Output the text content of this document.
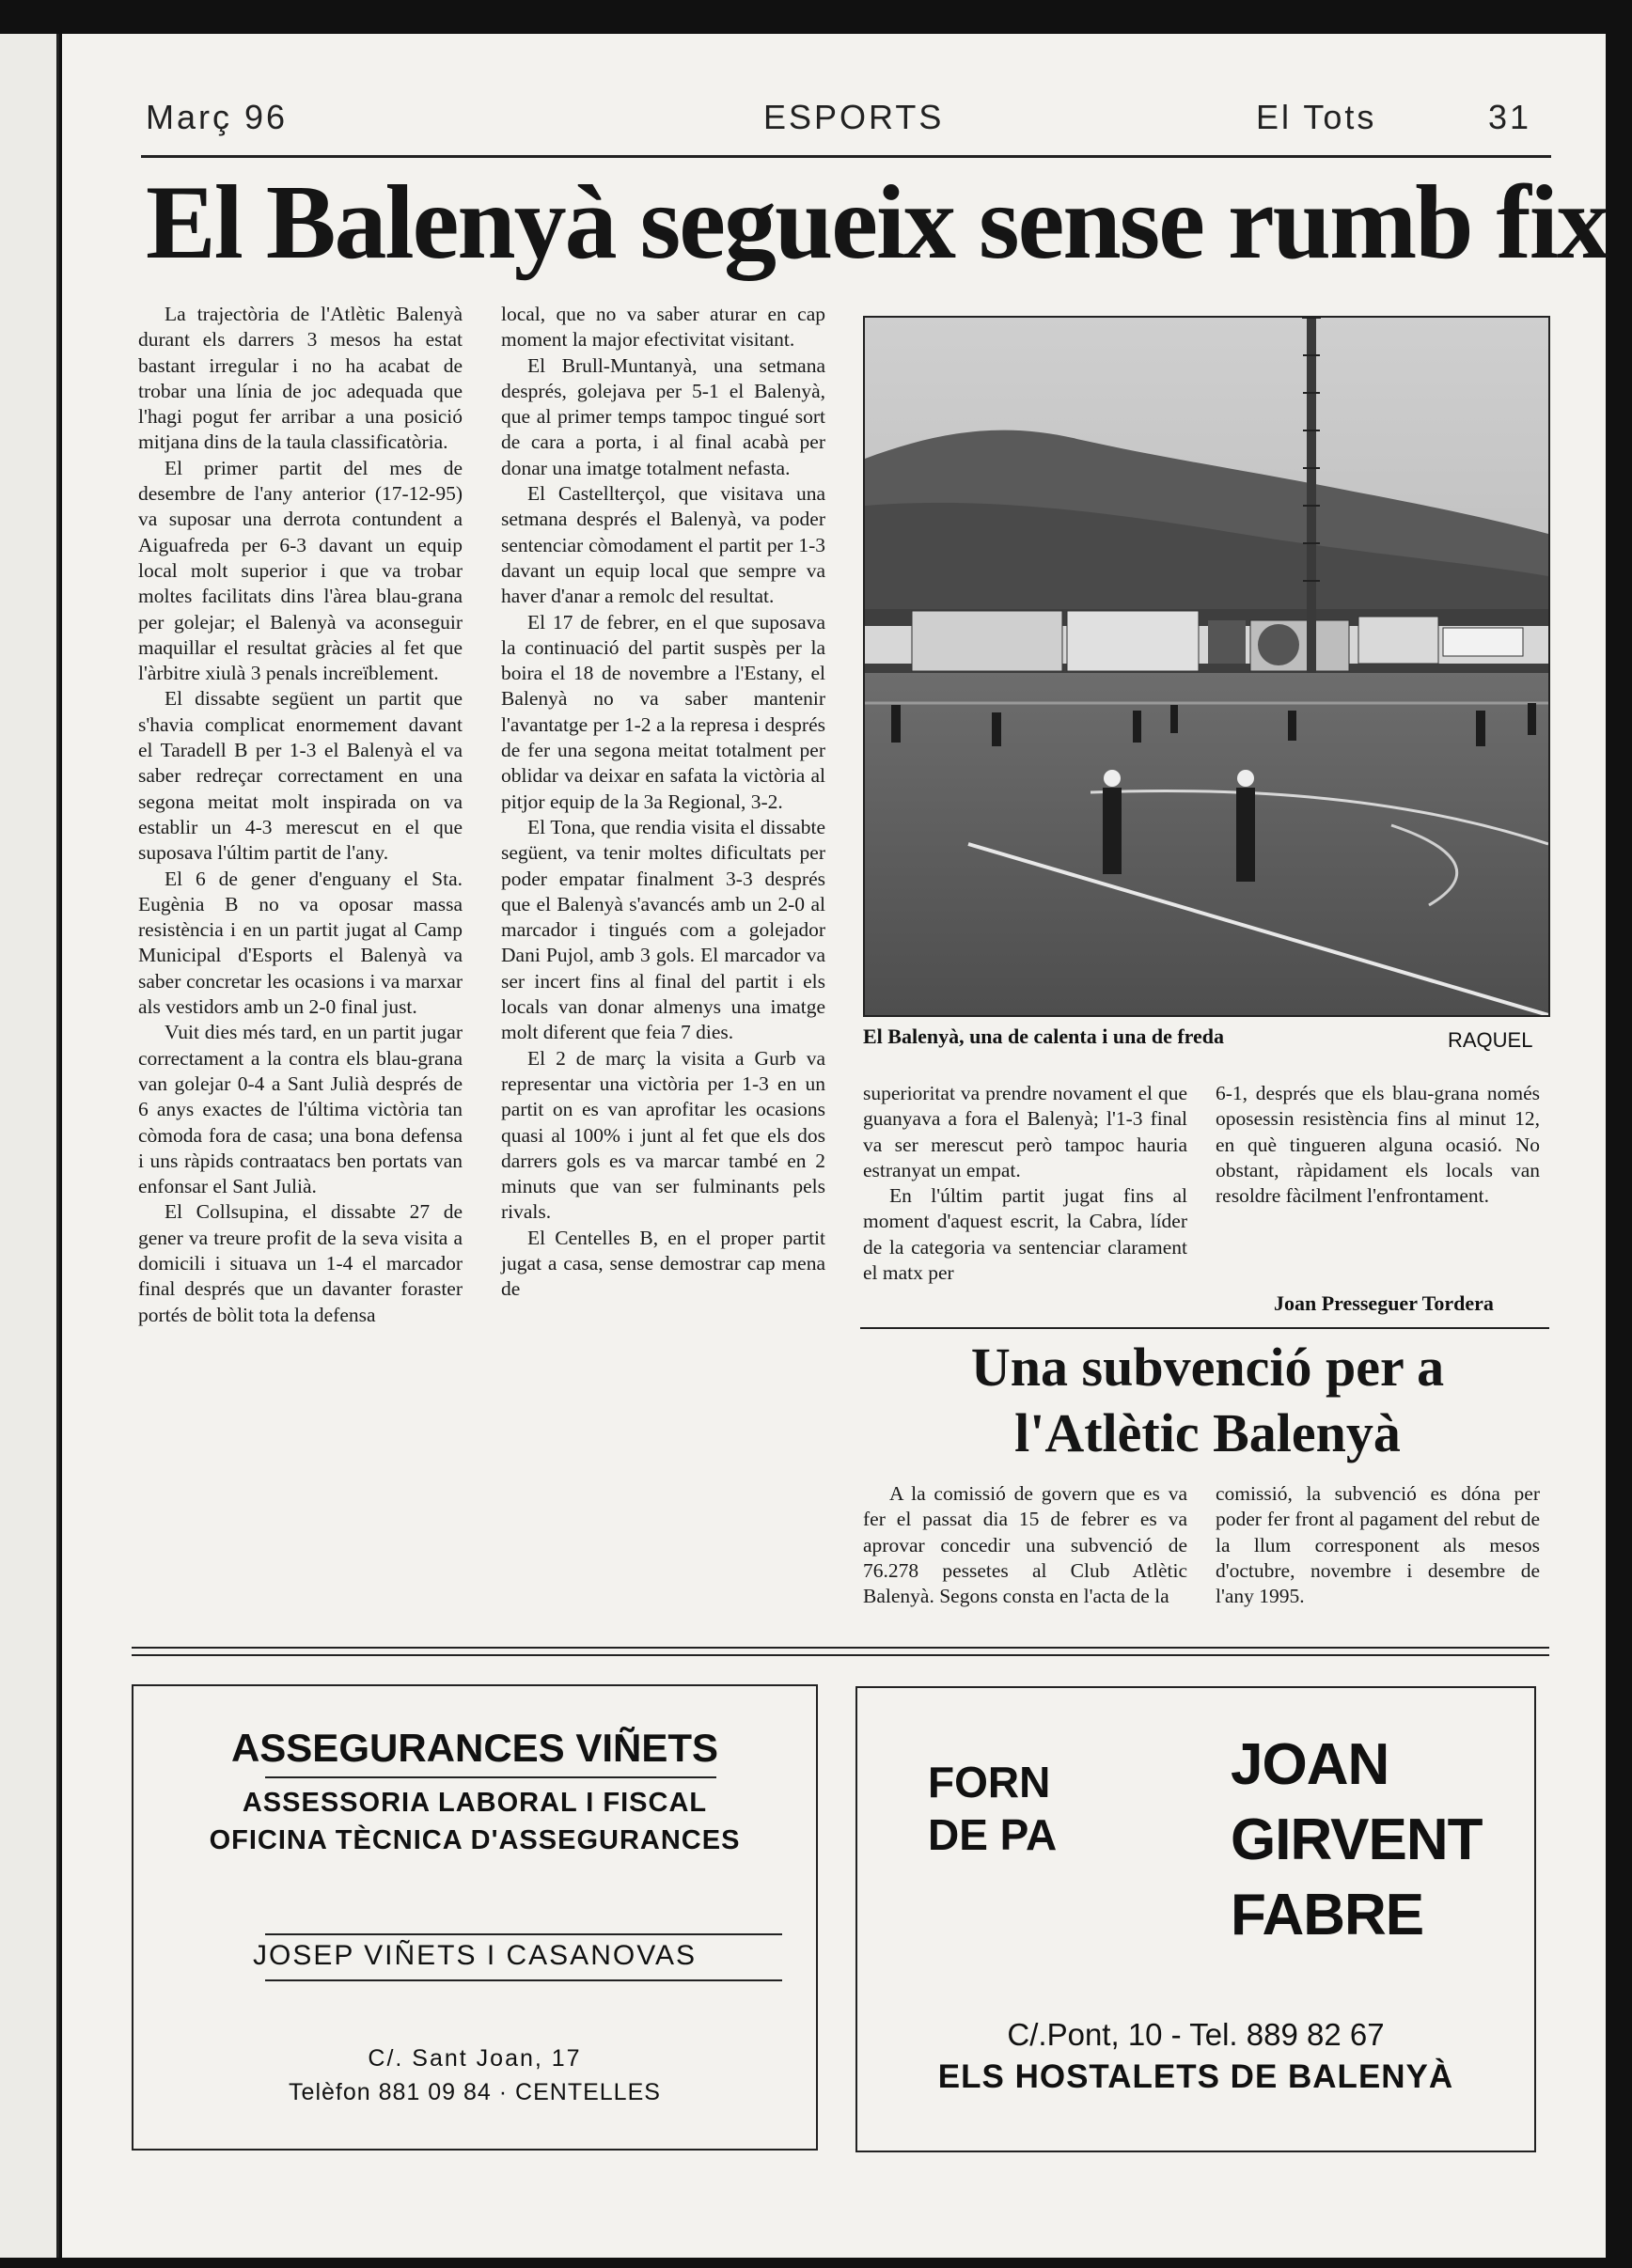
Març 96	ESPORTS	El Tots	31
El Balenyà segueix sense rumb fix

La trajectòria de l'Atlètic Balenyà durant els darrers 3 mesos ha estat bastant irregular i no ha acabat de trobar una línia de joc adequada que l'hagi pogut fer arribar a una posició mitjana dins de la taula classificatòria.

El primer partit del mes de desembre de l'any anterior (17-12-95) va suposar una derrota contundent a Aiguafreda per 6-3 davant un equip local molt superior i que va trobar moltes facilitats dins l'àrea blau-grana per golejar; el Balenyà va aconseguir maquillar el resultat gràcies al fet que l'àrbitre xiulà 3 penals increïblement.

El dissabte següent un partit que s'havia complicat enormement davant el Taradell B per 1-3 el Balenyà el va saber redreçar correctament en una segona meitat molt inspirada on va establir un 4-3 merescut en el que suposava l'últim partit de l'any.

El 6 de gener d'enguany el Sta. Eugènia B no va oposar massa resistència i en un partit jugat al Camp Municipal d'Esports el Balenyà va saber concretar les ocasions i va marxar als vestidors amb un 2-0 final just.

Vuit dies més tard, en un partit jugar correctament a la contra els blau-grana van golejar 0-4 a Sant Julià després de 6 anys exactes de l'última victòria tan còmoda fora de casa; una bona defensa i uns ràpids contraatacs ben portats van enfonsar el Sant Julià.

El Collsupina, el dissabte 27 de gener va treure profit de la seva visita a domicili i situava un 1-4 el marcador final després que un davanter foraster portés de bòlit tota la defensa

local, que no va saber aturar en cap moment la major efectivitat visitant.

El Brull-Muntanyà, una setmana després, golejava per 5-1 el Balenyà, que al primer temps tampoc tingué sort de cara a porta, i al final acabà per donar una imatge totalment nefasta.

El Castellterçol, que visitava una setmana després el Balenyà, va poder sentenciar còmodament el partit per 1-3 davant un equip local que sempre va haver d'anar a remolc del resultat.

El 17 de febrer, en el que suposava la continuació del partit suspès per la boira el 18 de novembre a l'Estany, el Balenyà no va saber mantenir l'avantatge per 1-2 a la represa i després de fer una segona meitat totalment per oblidar va deixar en safata la victòria al pitjor equip de la 3a Regional, 3-2.

El Tona, que rendia visita el dissabte següent, va tenir moltes dificultats per poder empatar finalment 3-3 després que el Balenyà s'avancés amb un 2-0 al marcador i tingués com a golejador Dani Pujol, amb 3 gols. El marcador va ser incert fins al final del partit i els locals van donar almenys una imatge molt diferent que feia 7 dies.

El 2 de març la visita a Gurb va representar una victòria per 1-3 en un partit on es van aprofitar les ocasions quasi al 100% i junt al fet que els dos darrers gols es va marcar també en 2 minuts que van ser fulminants pels rivals.

El Centelles B, en el proper partit jugat a casa, sense demostrar cap mena de

El Balenyà, una de calenta i una de freda	RAQUEL

superioritat va prendre novament el que guanyava a fora el Balenyà; l'1-3 final va ser merescut però tampoc hauria estranyat un empat.

En l'últim partit jugat fins al moment d'aquest escrit, la Cabra, líder de la categoria va sentenciar clarament el matx per

6-1, després que els blau-grana només oposessin resistència fins al minut 12, en què tingueren alguna ocasió. No obstant, ràpidament els locals van resoldre fàcilment l'enfrontament.

Joan Presseguer Tordera
Una subvenció per a
l'Atlètic Balenyà

A la comissió de govern que es va fer el passat dia 15 de febrer es va aprovar concedir una subvenció de 76.278 pessetes al Club Atlètic Balenyà. Segons consta en l'acta de la

comissió, la subvenció es dóna per poder fer front al pagament del rebut de la llum corresponent als mesos d'octubre, novembre i desembre de l'any 1995.

ASSEGURANCES VIÑETS
ASSESSORIA LABORAL I FISCAL
OFICINA TÈCNICA D'ASSEGURANCES
JOSEP VIÑETS I CASANOVAS
C/. Sant Joan, 17
Telèfon 881 09 84 · CENTELLES
FORN
DE PA
JOAN
GIRVENT
FABRE
C/.Pont, 10 - Tel. 889 82 67
ELS HOSTALETS DE BALENYÀ
